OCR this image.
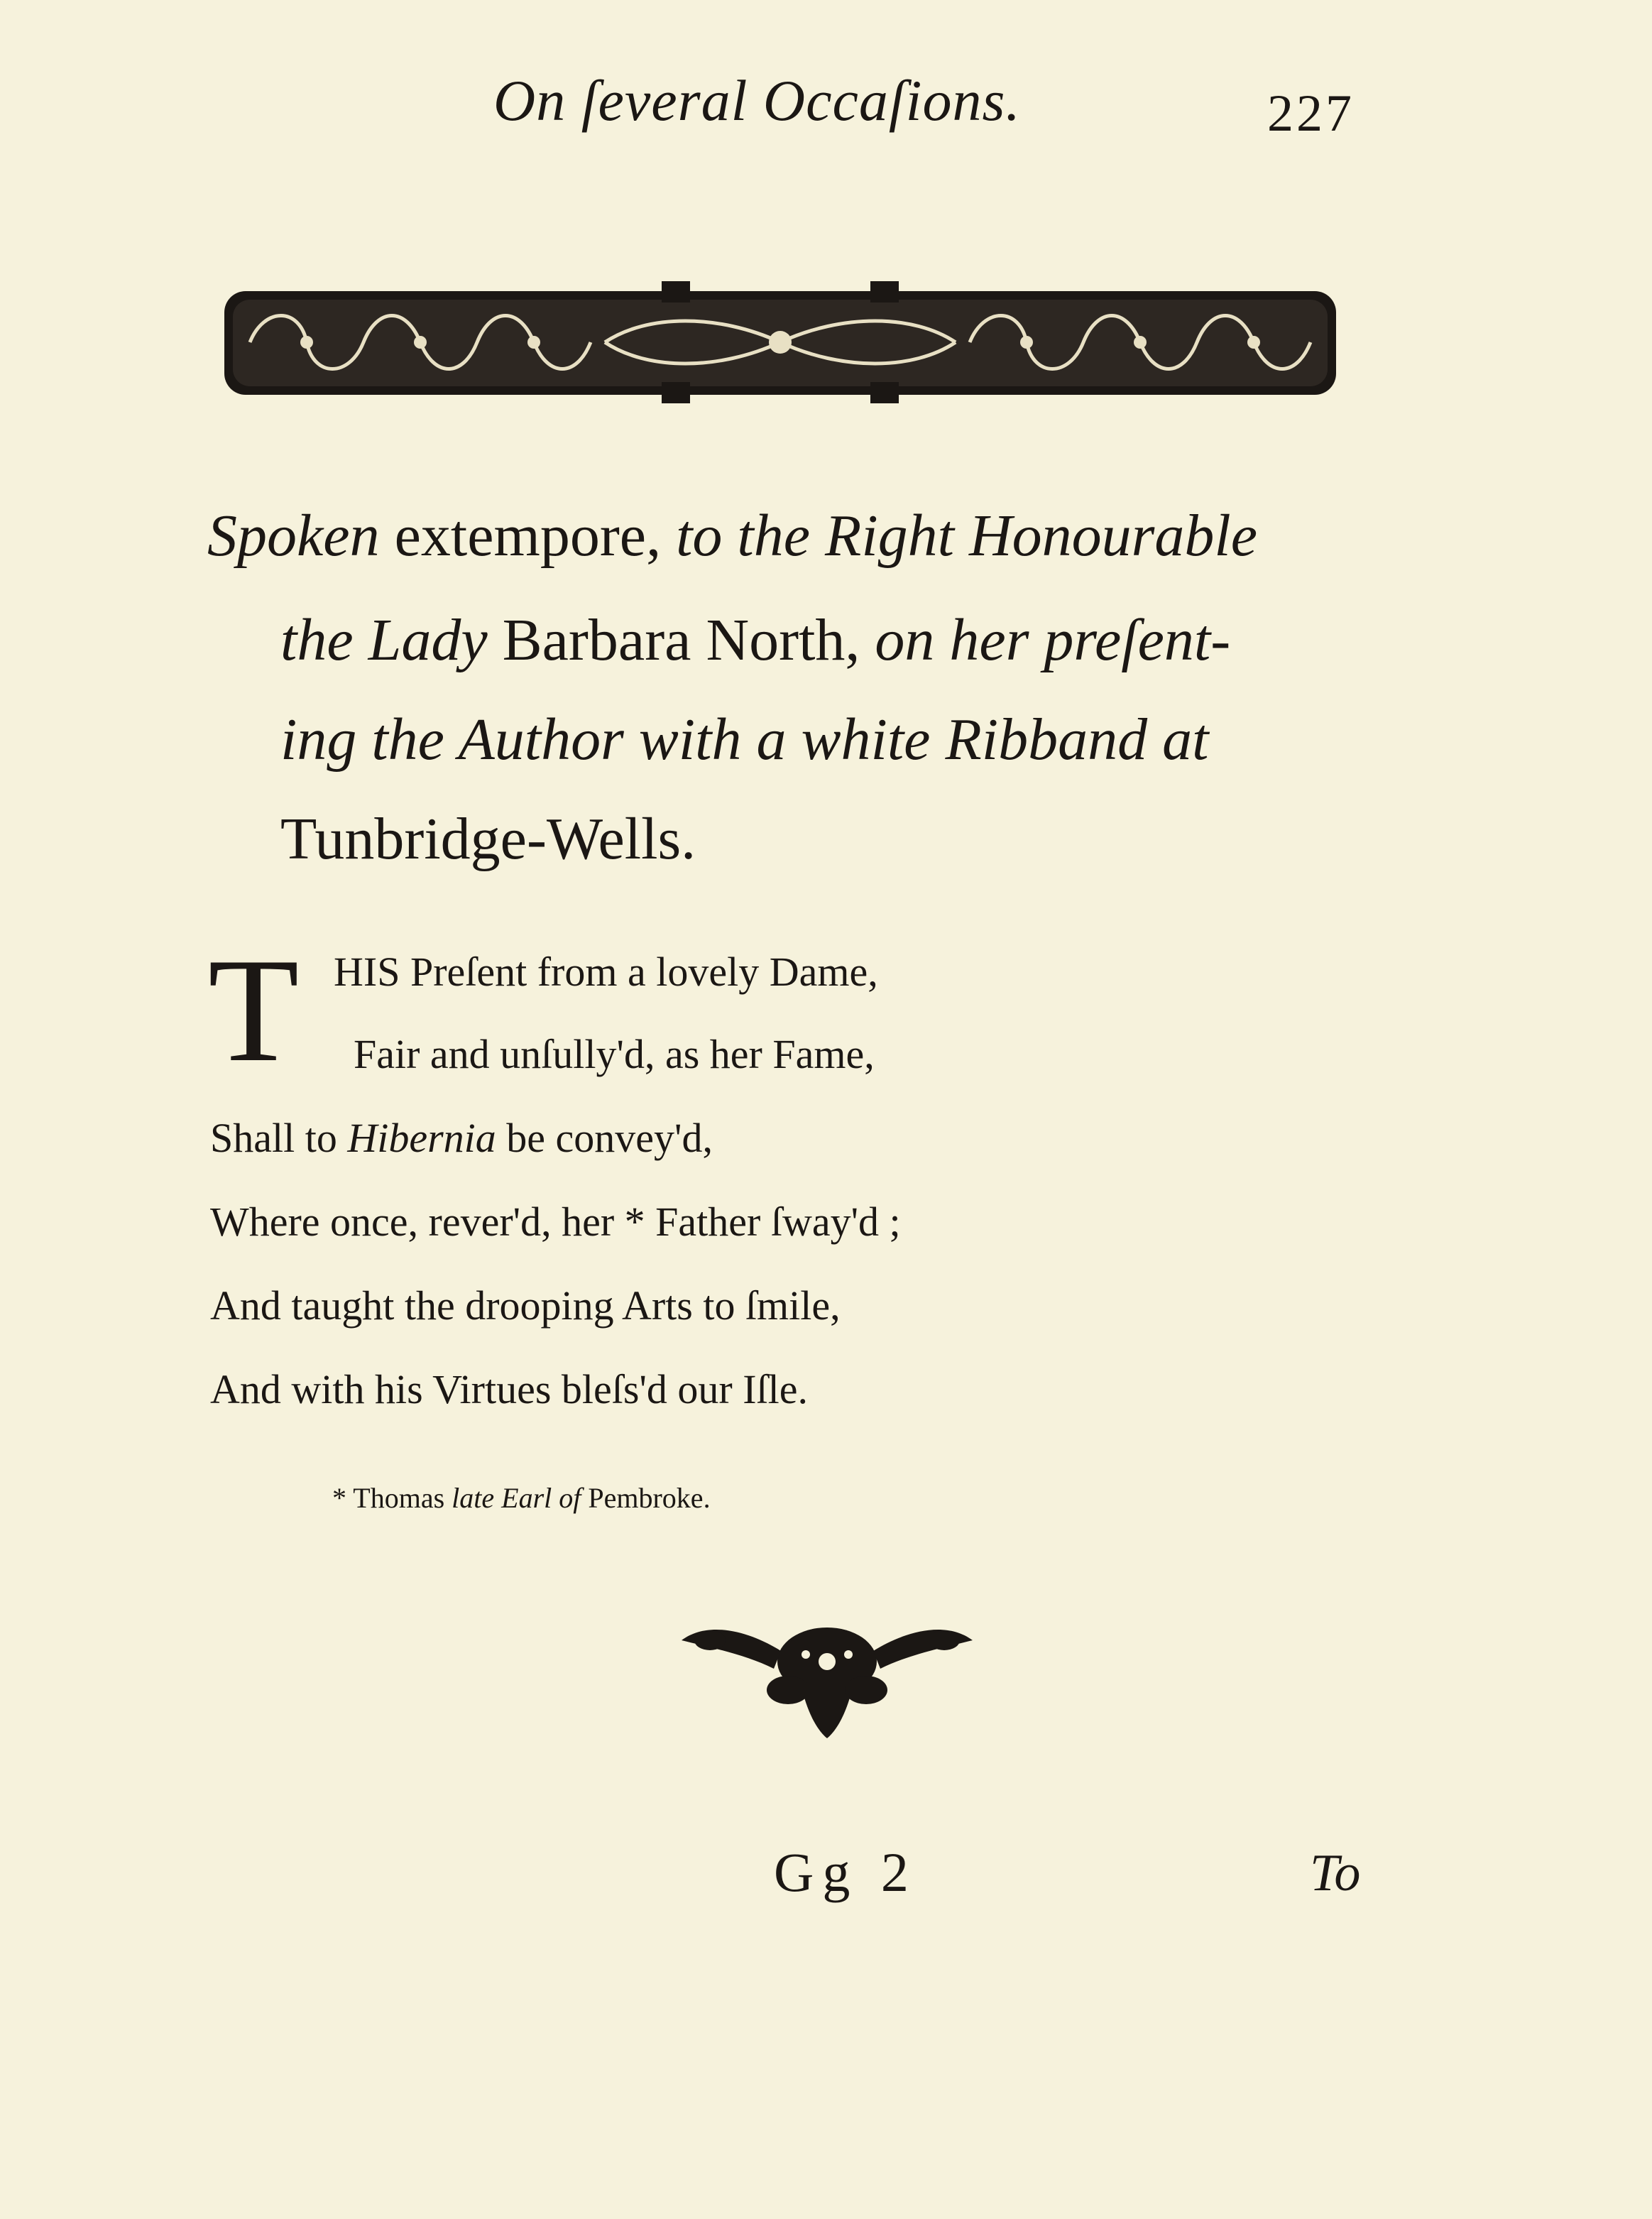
On ſeveral Occaſions.	227
Spoken extempore, to the Right Honourable
the Lady Barbara North, on her preſent-
ing the Author with a white Ribband at
Tunbridge-Wells.
T HIS Preſent from a lovely Dame,
Fair and unſully'd, as her Fame,
Shall to Hibernia be convey'd,
Where once, rever'd, her * Father ſway'd ;
And taught the drooping Arts to ſmile,
And with his Virtues bleſs'd our Iſle.
* Thomas late Earl of Pembroke.
Gg 2	To
